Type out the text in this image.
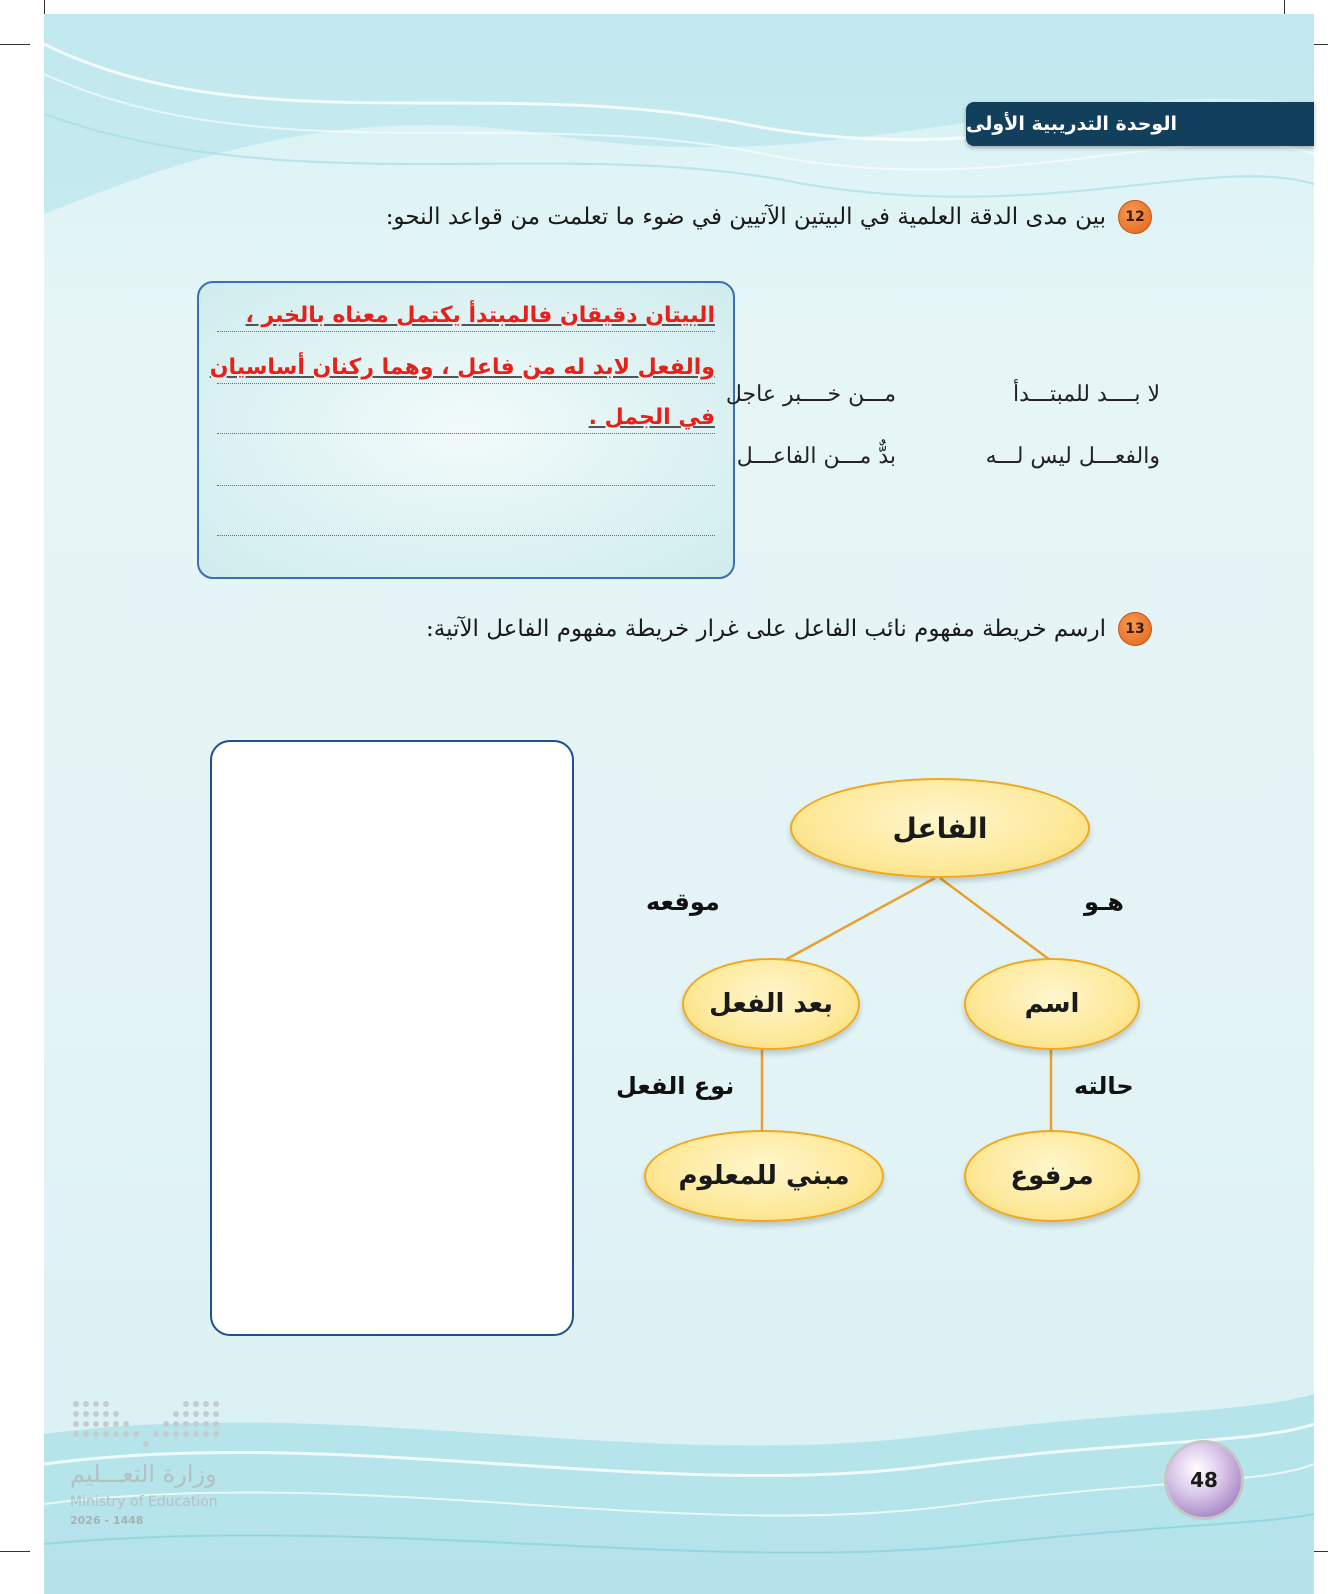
الوحدة التدريبية الأولى
12
بين مدى الدقة العلمية في البيتين الآتيين في ضوء ما تعلمت من قواعد النحو:
البيتان دقيقان فالمبتدأ يكتمل معناه بالخبر ،
والفعل لابد له من فاعل ، وهما ركنان أساسيان
في الجمل .
لا بــــد للمبتـــدأ
مـــن خــــبر عاجل
والفعـــل ليس لـــه
بدٌّ مـــن الفاعـــل
13
ارسم خريطة مفهوم نائب الفاعل على غرار خريطة مفهوم الفاعل الآتية:
الفاعل
اسم
بعد الفعل
مرفوع
مبني للمعلوم
هـو
موقعه
حالته
نوع الفعل
وزارة التعـــليم
Ministry of Education
2026 - 1448
48
